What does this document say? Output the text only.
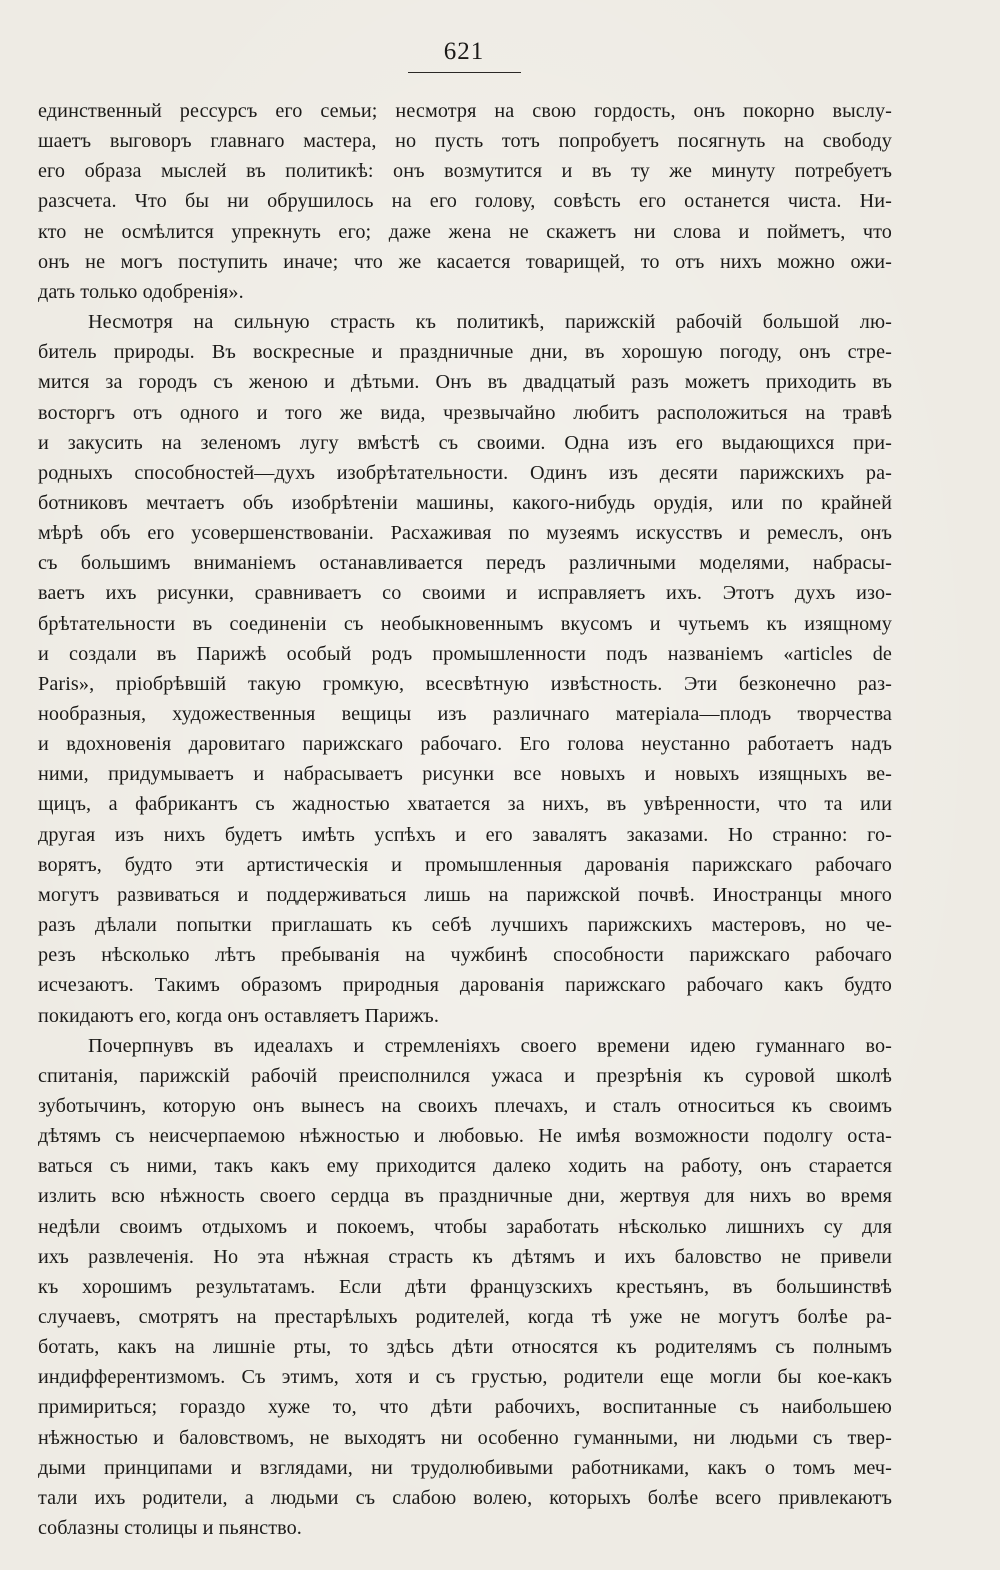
621
единственный рессурсъ его семьи; несмотря на свою гордость, онъ покорно выслу-
шаетъ выговоръ главнаго мастера, но пусть тотъ попробуетъ посягнуть на свободу
его образа мыслей въ политикѣ: онъ возмутится и въ ту же минуту потребуетъ
разсчета. Что бы ни обрушилось на его голову, совѣсть его останется чиста. Ни-
кто не осмѣлится упрекнуть его; даже жена не скажетъ ни слова и пойметъ, что
онъ не могъ поступить иначе; что же касается товарищей, то отъ нихъ можно ожи-
дать только одобренія».
Несмотря на сильную страсть къ политикѣ, парижскій рабочій большой лю-
битель природы. Въ воскресные и праздничные дни, въ хорошую погоду, онъ стре-
мится за городъ съ женою и дѣтьми. Онъ въ двадцатый разъ можетъ приходить въ
восторгъ отъ одного и того же вида, чрезвычайно любитъ расположиться на травѣ
и закусить на зеленомъ лугу вмѣстѣ съ своими. Одна изъ его выдающихся при-
родныхъ способностей—духъ изобрѣтательности. Одинъ изъ десяти парижскихъ ра-
ботниковъ мечтаетъ объ изобрѣтеніи машины, какого-нибудь орудія, или по крайней
мѣрѣ объ его усовершенствованіи. Расхаживая по музеямъ искусствъ и ремеслъ, онъ
съ большимъ вниманіемъ останавливается передъ различными моделями, набрасы-
ваетъ ихъ рисунки, сравниваетъ со своими и исправляетъ ихъ. Этотъ духъ изо-
брѣтательности въ соединеніи съ необыкновеннымъ вкусомъ и чутьемъ къ изящному
и создали въ Парижѣ особый родъ промышленности подъ названіемъ «articles de
Paris», пріобрѣвшій такую громкую, всесвѣтную извѣстность. Эти безконечно раз-
нообразныя, художественныя вещицы изъ различнаго матеріала—плодъ творчества
и вдохновенія даровитаго парижскаго рабочаго. Его голова неустанно работаетъ надъ
ними, придумываетъ и набрасываетъ рисунки все новыхъ и новыхъ изящныхъ ве-
щицъ, а фабрикантъ съ жадностью хватается за нихъ, въ увѣренности, что та или
другая изъ нихъ будетъ имѣть успѣхъ и его завалятъ заказами. Но странно: го-
ворятъ, будто эти артистическія и промышленныя дарованія парижскаго рабочаго
могутъ развиваться и поддерживаться лишь на парижской почвѣ. Иностранцы много
разъ дѣлали попытки приглашать къ себѣ лучшихъ парижскихъ мастеровъ, но че-
резъ нѣсколько лѣтъ пребыванія на чужбинѣ способности парижскаго рабочаго
исчезаютъ. Такимъ образомъ природныя дарованія парижскаго рабочаго какъ будто
покидаютъ его, когда онъ оставляетъ Парижъ.
Почерпнувъ въ идеалахъ и стремленіяхъ своего времени идею гуманнаго во-
спитанія, парижскій рабочій преисполнился ужаса и презрѣнія къ суровой школѣ
зуботычинъ, которую онъ вынесъ на своихъ плечахъ, и сталъ относиться къ своимъ
дѣтямъ съ неисчерпаемою нѣжностью и любовью. Не имѣя возможности подолгу оста-
ваться съ ними, такъ какъ ему приходится далеко ходить на работу, онъ старается
излить всю нѣжность своего сердца въ праздничные дни, жертвуя для нихъ во время
недѣли своимъ отдыхомъ и покоемъ, чтобы заработать нѣсколько лишнихъ су для
ихъ развлеченія. Но эта нѣжная страсть къ дѣтямъ и ихъ баловство не привели
къ хорошимъ результатамъ. Если дѣти французскихъ крестьянъ, въ большинствѣ
случаевъ, смотрятъ на престарѣлыхъ родителей, когда тѣ уже не могутъ болѣе ра-
ботать, какъ на лишніе рты, то здѣсь дѣти относятся къ родителямъ съ полнымъ
индифферентизмомъ. Съ этимъ, хотя и съ грустью, родители еще могли бы кое-какъ
примириться; гораздо хуже то, что дѣти рабочихъ, воспитанные съ наибольшею
нѣжностью и баловствомъ, не выходятъ ни особенно гуманными, ни людьми съ твер-
дыми принципами и взглядами, ни трудолюбивыми работниками, какъ о томъ меч-
тали ихъ родители, а людьми съ слабою волею, которыхъ болѣе всего привлекаютъ
соблазны столицы и пьянство.
